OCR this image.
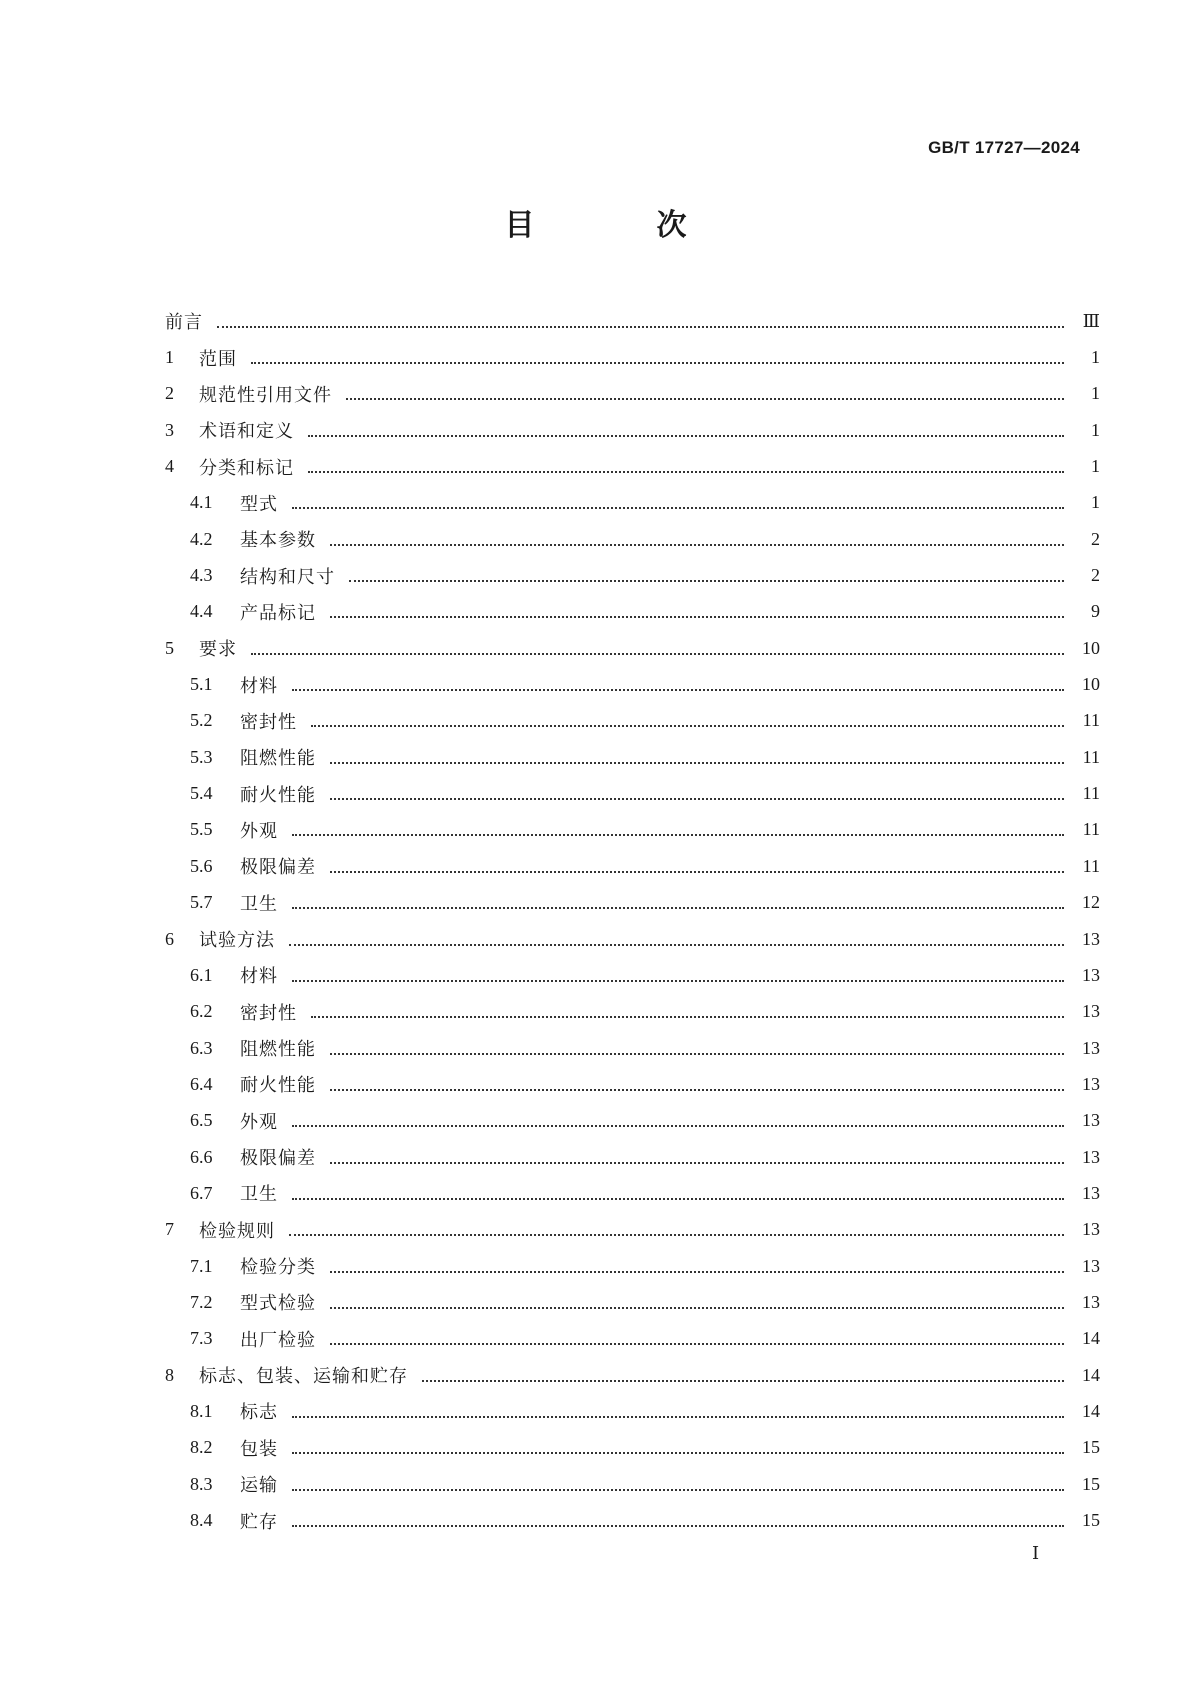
GB/T 17727—2024
目　次
前言	Ⅲ
1	范围	1
2	规范性引用文件	1
3	术语和定义	1
4	分类和标记	1
4.1	型式	1
4.2	基本参数	2
4.3	结构和尺寸	2
4.4	产品标记	9
5	要求	10
5.1	材料	10
5.2	密封性	11
5.3	阻燃性能	11
5.4	耐火性能	11
5.5	外观	11
5.6	极限偏差	11
5.7	卫生	12
6	试验方法	13
6.1	材料	13
6.2	密封性	13
6.3	阻燃性能	13
6.4	耐火性能	13
6.5	外观	13
6.6	极限偏差	13
6.7	卫生	13
7	检验规则	13
7.1	检验分类	13
7.2	型式检验	13
7.3	出厂检验	14
8	标志、包装、运输和贮存	14
8.1	标志	14
8.2	包装	15
8.3	运输	15
8.4	贮存	15
Ⅰ
